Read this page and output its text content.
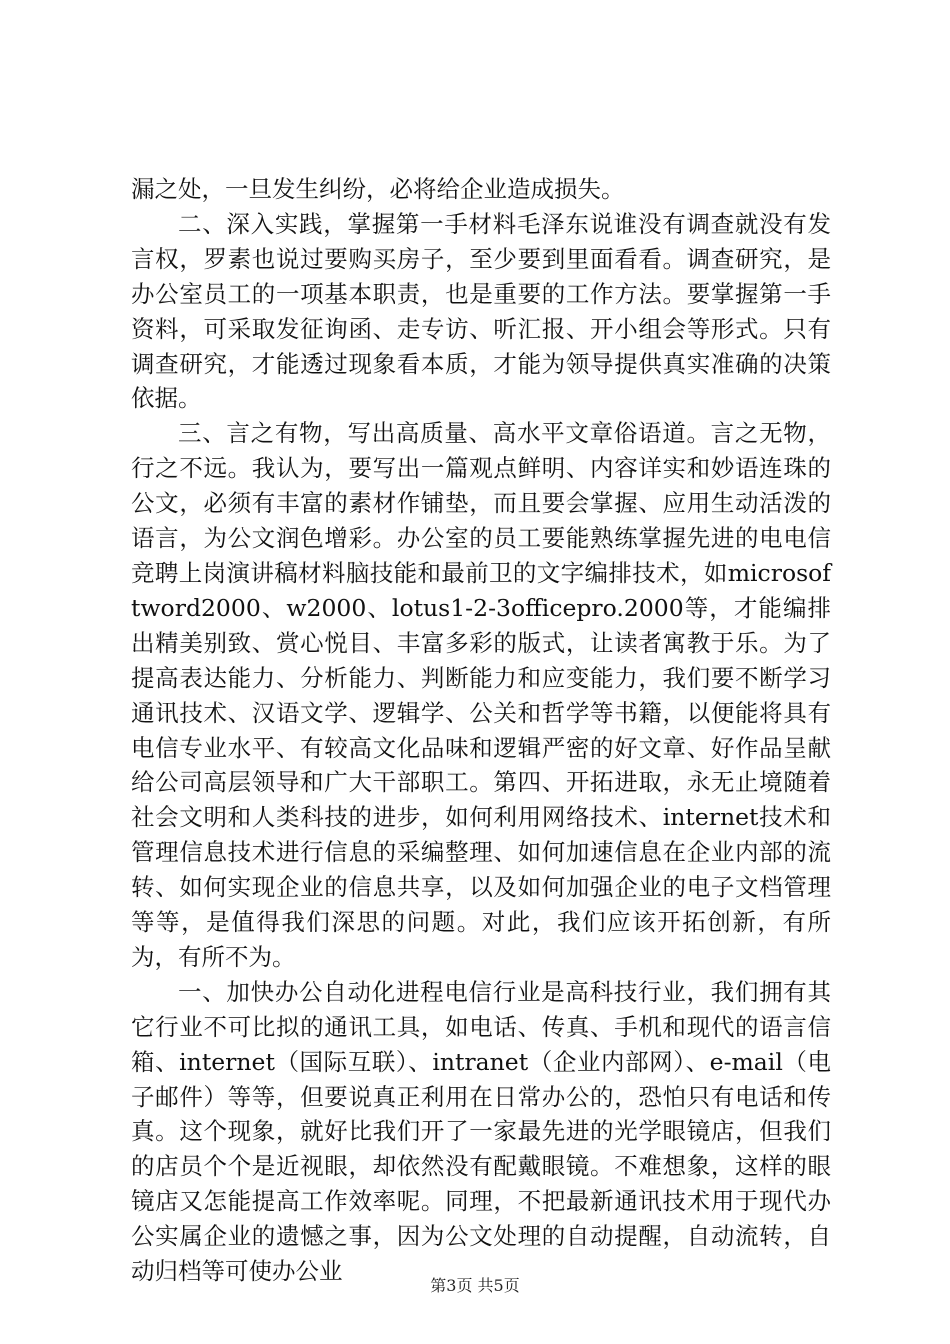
漏之处，一旦发生纠纷，必将给企业造成损失。

二、深入实践，掌握第一手材料毛泽东说谁没有调查就没有发言权，罗素也说过要购买房子，至少要到里面看看。调查研究，是办公室员工的一项基本职责，也是重要的工作方法。要掌握第一手资料，可采取发征询函、走专访、听汇报、开小组会等形式。只有调查研究，才能透过现象看本质，才能为领导提供真实准确的决策依据。

三、言之有物，写出高质量、高水平文章俗语道。言之无物，行之不远。我认为，要写出一篇观点鲜明、内容详实和妙语连珠的公文，必须有丰富的素材作铺垫，而且要会掌握、应用生动活泼的语言，为公文润色增彩。办公室的员工要能熟练掌握先进的电电信竞聘上岗演讲稿材料脑技能和最前卫的文字编排技术，如microsoftword2000、w2000、lotus1-2-3officepro.2000等，才能编排出精美别致、赏心悦目、丰富多彩的版式，让读者寓教于乐。为了提高表达能力、分析能力、判断能力和应变能力，我们要不断学习通讯技术、汉语文学、逻辑学、公关和哲学等书籍，以便能将具有电信专业水平、有较高文化品味和逻辑严密的好文章、好作品呈献给公司高层领导和广大干部职工。第四、开拓进取，永无止境随着社会文明和人类科技的进步，如何利用网络技术、internet技术和管理信息技术进行信息的采编整理、如何加速信息在企业内部的流转、如何实现企业的信息共享，以及如何加强企业的电子文档管理等等，是值得我们深思的问题。对此，我们应该开拓创新，有所为，有所不为。

一、加快办公自动化进程电信行业是高科技行业，我们拥有其它行业不可比拟的通讯工具，如电话、传真、手机和现代的语言信箱、internet（国际互联）、intranet（企业内部网）、e-mail（电子邮件）等等，但要说真正利用在日常办公的，恐怕只有电话和传真。这个现象，就好比我们开了一家最先进的光学眼镜店，但我们的店员个个是近视眼，却依然没有配戴眼镜。不难想象，这样的眼镜店又怎能提高工作效率呢。同理，不把最新通讯技术用于现代办公实属企业的遗憾之事，因为公文处理的自动提醒，自动流转，自动归档等可使办公业

第3页 共5页
